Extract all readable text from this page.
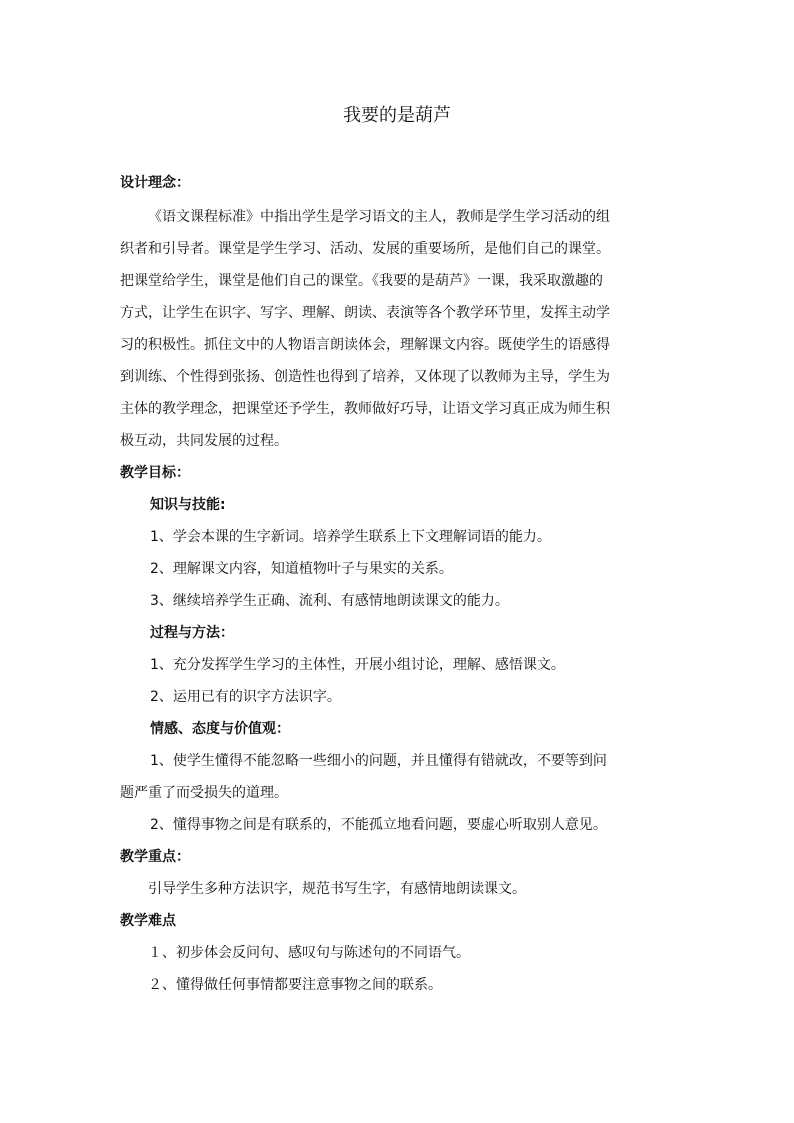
我要的是葫芦
设计理念：
《语文课程标准》中指出学生是学习语文的主人，教师是学生学习活动的组
织者和引导者。课堂是学生学习、活动、发展的重要场所，是他们自己的课堂。
把课堂给学生，课堂是他们自己的课堂。《我要的是葫芦》一课，我采取激趣的
方式，让学生在识字、写字、理解、朗读、表演等各个教学环节里，发挥主动学
习的积极性。抓住文中的人物语言朗读体会，理解课文内容。既使学生的语感得
到训练、个性得到张扬、创造性也得到了培养，又体现了以教师为主导，学生为
主体的教学理念，把课堂还予学生，教师做好巧导，让语文学习真正成为师生积
极互动，共同发展的过程。
教学目标：
知识与技能:
1、学会本课的生字新词。培养学生联系上下文理解词语的能力。
2、理解课文内容，知道植物叶子与果实的关系。
3、继续培养学生正确、流利、有感情地朗读课文的能力。
过程与方法：
1、充分发挥学生学习的主体性，开展小组讨论，理解、感悟课文。
2、运用已有的识字方法识字。
情感、态度与价值观：
1、使学生懂得不能忽略一些细小的问题，并且懂得有错就改，不要等到问
题严重了而受损失的道理。
2、懂得事物之间是有联系的，不能孤立地看问题，要虚心听取别人意见。
教学重点：
引导学生多种方法识字，规范书写生字，有感情地朗读课文。
教学难点
１、初步体会反问句、感叹句与陈述句的不同语气。
２、懂得做任何事情都要注意事物之间的联系。
